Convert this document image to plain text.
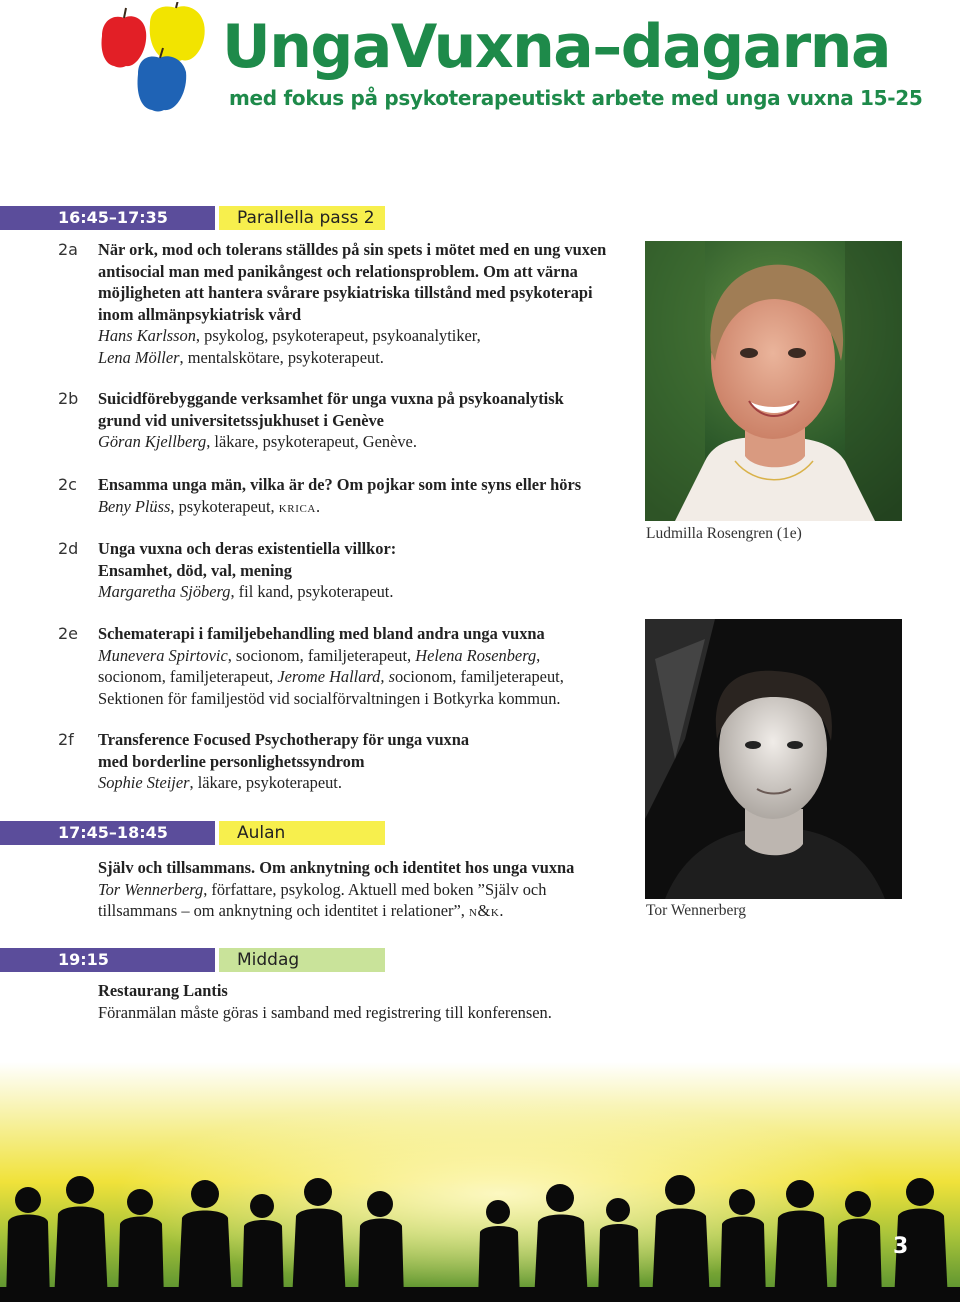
UngaVuxna–dagarna
med fokus på psykoterapeutiskt arbete med unga vuxna 15-25
16:45–17:35	Parallella pass 2
2a När ork, mod och tolerans ställdes på sin spets i mötet med en ung vuxen antisocial man med panikångest och relationsproblem. Om att värna möjligheten att hantera svårare psykiatriska tillstånd med psykoterapi inom allmänpsykiatrisk vård

Hans Karlsson, psykolog, psykoterapeut, psykoanalytiker,

Lena Möller, mentalskötare, psykoterapeut.

2b Suicidförebyggande verksamhet för unga vuxna på psykoanalytisk grund vid universitetssjukhuset i Genève

Göran Kjellberg, läkare, psykoterapeut, Genève.

2c Ensamma unga män, vilka är de? Om pojkar som inte syns eller hörs

Beny Plüss, psykoterapeut, krica.

2d Unga vuxna och deras existentiella villkor:

Ensamhet, död, val, mening

Margaretha Sjöberg, fil kand, psykoterapeut.

2e Schematerapi i familjebehandling med bland andra unga vuxna

Munevera Spirtovic, socionom, familjeterapeut, Helena Rosenberg, socionom, familjeterapeut, Jerome Hallard, socionom, familjeterapeut, Sektionen för familjestöd vid socialförvaltningen i Botkyrka kommun.

2f Transference Focused Psychotherapy för unga vuxna med borderline personlighetssyndrom

Sophie Steijer, läkare, psykoterapeut.

17:45–18:45	Aulan

Själv och tillsammans. Om anknytning och identitet hos unga vuxna

Tor Wennerberg, författare, psykolog. Aktuell med boken ”Själv och tillsammans – om anknytning och identitet i relationer”, n&k.

19:15	Middag

Restaurang Lantis

Föranmälan måste göras i samband med registrering till konferensen.

Ludmilla Rosengren (1e)
Tor Wennerberg
3
